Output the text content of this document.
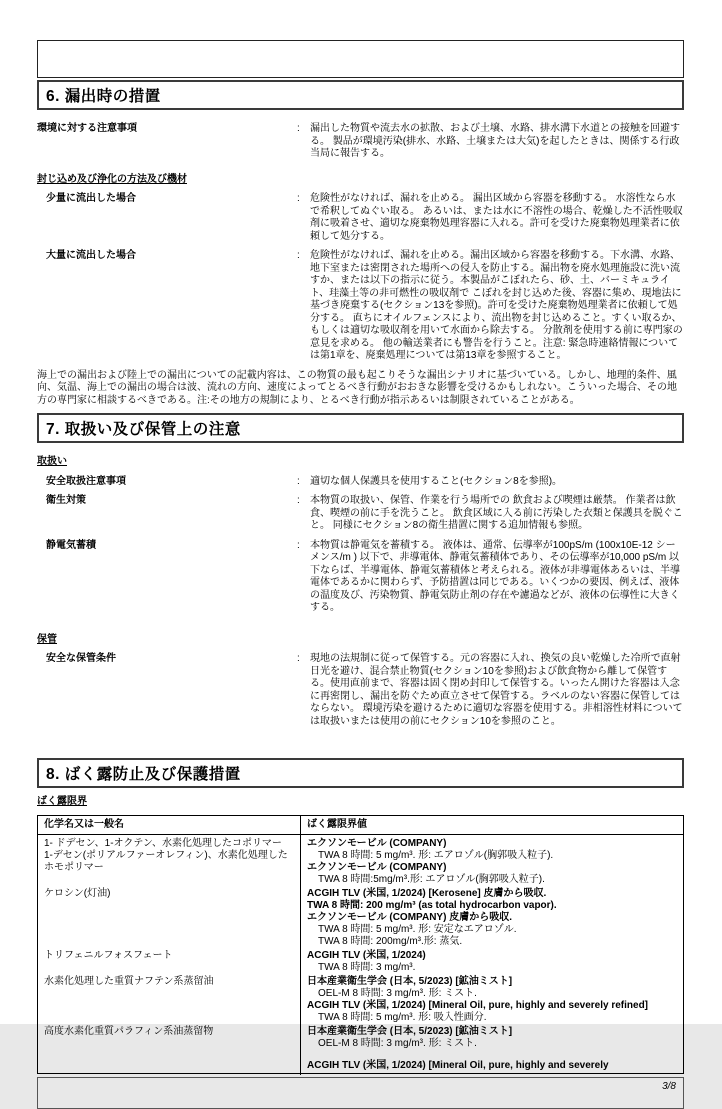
6. 漏出時の措置
環境に対する注意事項	:	漏出した物質や流去水の拡散、および土壌、水路、排水溝下水道との接触を回避する。 製品が環境汚染(排水、水路、土壌または大気)を起したときは、関係する行政当局に報告する。
封じ込め及び浄化の方法及び機材
少量に流出した場合	:	危険性がなければ、漏れを止める。 漏出区域から容器を移動する。 水溶性なら水で希釈してぬぐい取る。 あるいは、または水に不溶性の場合、乾燥した不活性吸収剤に吸着させ、適切な廃棄物処理容器に入れる。許可を受けた廃棄物処理業者に依頼して処分する。
大量に流出した場合	:	危険性がなければ、漏れを止める。漏出区域から容器を移動する。下水溝、水路、地下室または密閉された場所への侵入を防止する。漏出物を廃水処理施設に洗い流すか、または以下の指示に従う。本製品がこぼれたら、砂、土、バーミキュライト、珪藻土等の非可燃性の吸収剤で こぼれを封じ込めた後、容器に集め、現地法に基づき廃棄する(セクション13を参照)。許可を受けた廃棄物処理業者に依頼して処分する。 直ちにオイルフェンスにより、流出物を封じ込めること。すくい取るか、もしくは適切な吸収剤を用いて水面から除去する。 分散剤を使用する前に専門家の意見を求める。 他の輸送業者にも警告を行うこと。注意: 緊急時連絡情報については第1章を、廃棄処理については第13章を参照すること。

海上での漏出および陸上での漏出についての記載内容は、この物質の最も起こりそうな漏出シナリオに基づいている。しかし、地理的条件、風向、気温、海上での漏出の場合は波、流れの方向、速度によってとるべき行動がおおきな影響を受けるかもしれない。こういった場合、その地方の専門家に相談するべきである。注:その地方の規制により、とるべき行動が指示あるいは制限されていることがある。

7. 取扱い及び保管上の注意
取扱い
安全取扱注意事項	:	適切な個人保護具を使用すること(セクション8を参照)。
衛生対策	:	本物質の取扱い、保管、作業を行う場所での 飲食および喫煙は厳禁。 作業者は飲食、喫煙の前に手を洗うこと。 飲食区域に入る前に汚染した衣類と保護具を脱ぐこと。 同様にセクション8の衛生措置に関する追加情報も参照。
静電気蓄積	:	本物質は静電気を蓄積する。 液体は、通常、伝導率が100pS/m (100x10E-12 シーメンス/m ) 以下で、非導電体、静電気蓄積体であり、その伝導率が10,000 pS/m 以下ならば、半導電体、静電気蓄積体と考えられる。液体が非導電体あるいは、半導電体であるかに関わらず、予防措置は同じである。いくつかの要因、例えば、液体の温度及び、汚染物質、静電気防止剤の存在や濾過などが、液体の伝導性に大きくする。
保管
安全な保管条件	:	現地の法規制に従って保管する。元の容器に入れ、換気の良い乾燥した冷所で直射日光を避け、混合禁止物質(セクション10を参照)および飲食物から離して保管する。使用直前まで、容器は固く閉め封印して保管する。いったん開けた容器は入念に再密閉し、漏出を防ぐため直立させて保管する。ラベルのない容器に保管してはならない。 環境汚染を避けるために適切な容器を使用する。非相溶性材料については取扱いまたは使用の前にセクション10を参照のこと。
8. ばく露防止及び保護措置
ばく露限界
化学名又は一般名	ばく露限界値
1- ドデセン、1-オクテン、水素化処理したコポリマー
1-デセン(ポリアルファーオレフィン)、水素化処理したホモポリマー
エクソンモービル (COMPANY)
TWA 8 時間: 5 mg/m³. 形: エアロゾル(胸郭吸入粒子).
エクソンモービル (COMPANY)
TWA 8 時間:5mg/m³.形: エアロゾル(胸郭吸入粒子).
ケロシン(灯油)	ACGIH TLV (米国, 1/2024) [Kerosene] 皮膚から吸収.
TWA 8 時間: 200 mg/m³ (as total hydrocarbon vapor).
エクソンモービル (COMPANY) 皮膚から吸収.
TWA 8 時間: 5 mg/m³. 形: 安定なエアロゾル.
TWA 8 時間: 200mg/m³.形: 蒸気.
トリフェニルフォスフェート	ACGIH TLV (米国, 1/2024)
TWA 8 時間: 3 mg/m³.
水素化処理した重質ナフテン系蒸留油	日本産業衛生学会 (日本, 5/2023) [鉱油ミスト]
OEL-M 8 時間: 3 mg/m³. 形: ミスト.
ACGIH TLV (米国, 1/2024) [Mineral Oil, pure, highly and severely refined]
TWA 8 時間: 5 mg/m³. 形: 吸入性画分.
高度水素化重質パラフィン系油蒸留物	日本産業衛生学会 (日本, 5/2023) [鉱油ミスト]
OEL-M 8 時間: 3 mg/m³. 形: ミスト.
ACGIH TLV (米国, 1/2024) [Mineral Oil, pure, highly and severely
3/8
